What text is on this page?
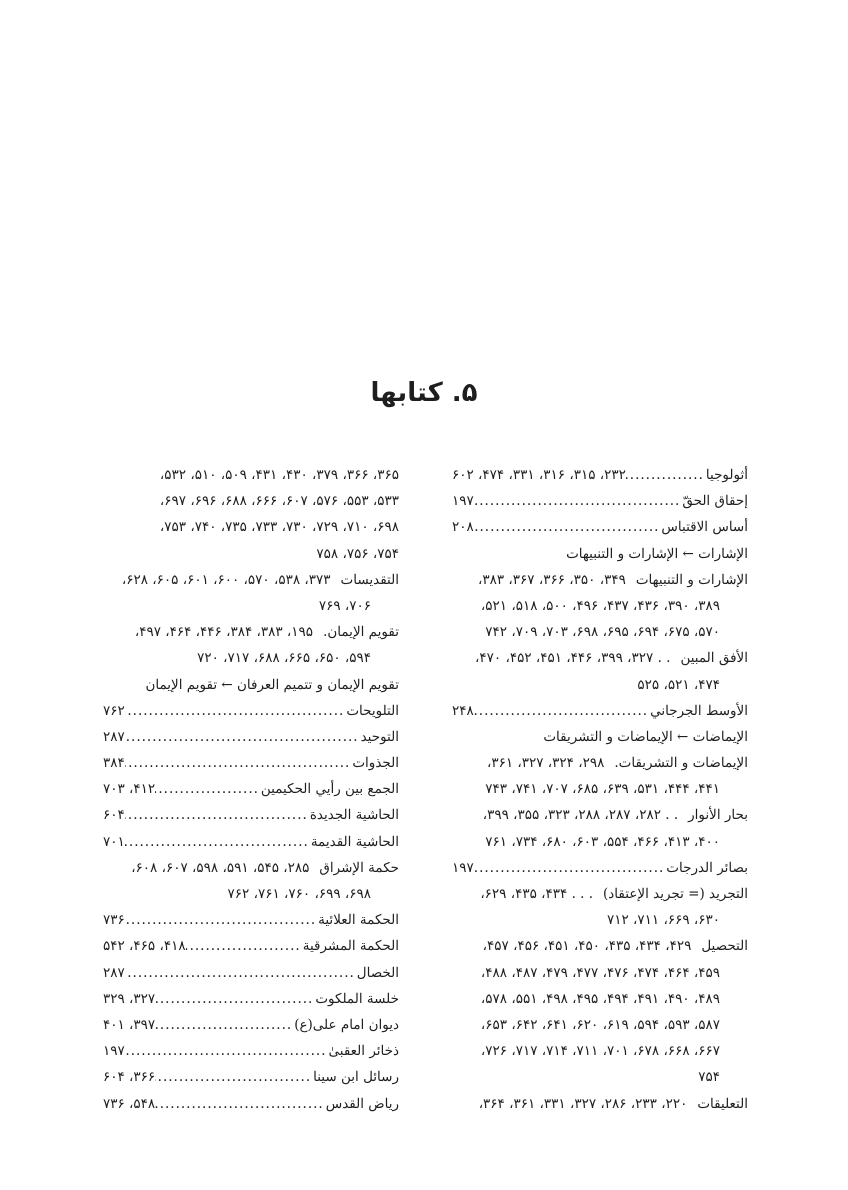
۵. کتابها
أثولوجيا
.....
۲۳۲، ۳۱۵، ۳۱۶، ۳۳۱، ۴۷۴، ۶۰۲
إحقاق الحقّ
.....
۱۹۷
أساس الاقتباس
.....
۲۰۸
الإشارات ← الإشارات و التنبيهات
الإشارات و التنبيهات
۳۴۹، ۳۵۰، ۳۶۶، ۳۶۷، ۳۸۳،
۳۸۹، ۳۹۰، ۴۳۶، ۴۳۷، ۴۹۶، ۵۰۰، ۵۱۸، ۵۲۱،
۵۷۰، ۶۷۵، ۶۹۴، ۶۹۵، ۶۹۸، ۷۰۳، ۷۰۹، ۷۴۲
الأفق المبين
. . ۳۲۷، ۳۹۹، ۴۴۶، ۴۵۱، ۴۵۲، ۴۷۰،
۴۷۴، ۵۲۱، ۵۲۵
الأوسط الجرجاني
.....
۲۴۸
الإيماضات ← الإيماضات و التشريقات
الإيماضات و التشريقات.
۲۹۸، ۳۲۴، ۳۲۷، ۳۶۱،
۴۴۱، ۴۴۴، ۵۳۱، ۶۳۹، ۶۸۵، ۷۰۷، ۷۴۱، ۷۴۳
بحار الأنوار
. . ۲۸۲، ۲۸۷، ۲۸۸، ۳۲۳، ۳۵۵، ۳۹۹،
۴۰۰، ۴۱۳، ۴۶۶، ۵۵۴، ۶۰۳، ۶۸۰، ۷۳۴، ۷۶۱
بصائر الدرجات
.....
۱۹۷
التجريد (= تجريد الإعتقاد)
. . . ۴۳۴، ۴۳۵، ۶۲۹،
۶۳۰، ۶۶۹، ۷۱۱، ۷۱۲
التحصيل
۴۲۹، ۴۳۴، ۴۳۵، ۴۵۰، ۴۵۱، ۴۵۶، ۴۵۷،
۴۵۹، ۴۶۴، ۴۷۴، ۴۷۶، ۴۷۷، ۴۷۹، ۴۸۷، ۴۸۸،
۴۸۹، ۴۹۰، ۴۹۱، ۴۹۴، ۴۹۵، ۴۹۸، ۵۵۱، ۵۷۸،
۵۸۷، ۵۹۳، ۵۹۴، ۶۱۹، ۶۲۰، ۶۴۱، ۶۴۲، ۶۵۳،
۶۶۷، ۶۶۸، ۶۷۸، ۷۰۱، ۷۱۱، ۷۱۴، ۷۱۷، ۷۲۶،
۷۵۴
التعليقات
۲۲۰، ۲۳۳، ۲۸۶، ۳۲۷، ۳۳۱، ۳۶۱، ۳۶۴،
۳۶۵، ۳۶۶، ۳۷۹، ۴۳۰، ۴۳۱، ۵۰۹، ۵۱۰، ۵۳۲،
۵۳۳، ۵۵۳، ۵۷۶، ۶۰۷، ۶۶۶، ۶۸۸، ۶۹۶، ۶۹۷،
۶۹۸، ۷۱۰، ۷۲۹، ۷۳۰، ۷۳۳، ۷۳۵، ۷۴۰، ۷۵۳،
۷۵۴، ۷۵۶، ۷۵۸
التقديسات
۳۷۳، ۵۳۸، ۵۷۰، ۶۰۰، ۶۰۱، ۶۰۵، ۶۲۸،
۷۰۶، ۷۶۹
تقويم الإيمان.
۱۹۵، ۳۸۳، ۳۸۴، ۴۴۶، ۴۶۴، ۴۹۷،
۵۹۴، ۶۵۰، ۶۶۵، ۶۸۸، ۷۱۷، ۷۲۰
تقويم الإيمان و تتميم العرفان ← تقويم الإيمان
التلويحات
.....
۷۶۲
التوحيد
.....
۲۸۷
الجذوات
.....
۳۸۴
الجمع بين رأيي الحكيمين
.....
۴۱۲، ۷۰۳
الحاشية الجديدة
.....
۶۰۴
الحاشية القديمة
.....
۷۰۱
حكمة الإشراق
۲۸۵، ۵۴۵، ۵۹۱، ۵۹۸، ۶۰۷، ۶۰۸،
۶۹۸، ۶۹۹، ۷۶۰، ۷۶۱، ۷۶۲
الحكمة العلائية
.....
۷۳۶
الحكمة المشرقية
.....
۴۱۸، ۴۶۵، ۵۴۲
الخصال
.....
۲۸۷
خلسة الملكوت
.....
۳۲۷، ۳۲۹
ديوان امام على(ع)
.....
۳۹۷، ۴۰۱
ذخائر العقبیٰ
.....
۱۹۷
رسائل ابن سينا
.....
۳۶۶، ۶۰۴
رياض القدس
.....
۵۴۸، ۷۳۶
